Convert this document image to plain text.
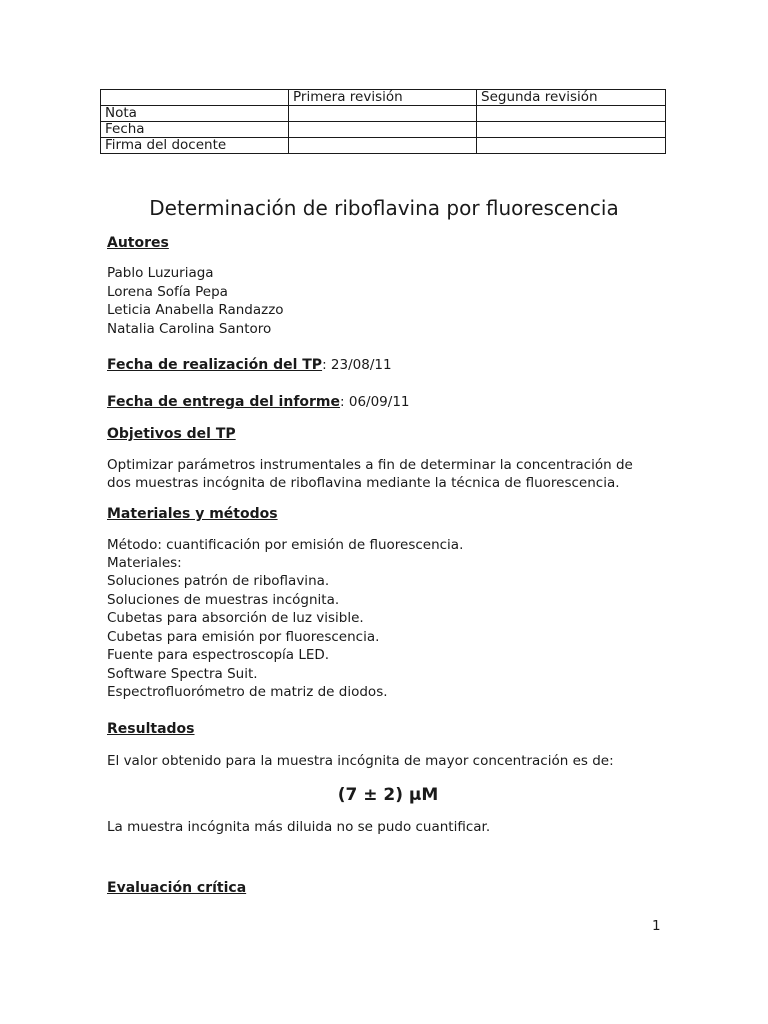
	Primera revisión	Segunda revisión
Nota		
Fecha		
Firma del docente		
Determinación de riboflavina por fluorescencia
Autores
Pablo Luzuriaga
Lorena Sofía Pepa
Leticia Anabella Randazzo
Natalia Carolina Santoro
Fecha de realización del TP: 23/08/11
Fecha de entrega del informe: 06/09/11
Objetivos del TP
Optimizar parámetros instrumentales a fin de determinar la concentración de
dos muestras incógnita de riboflavina mediante la técnica de fluorescencia.
Materiales y métodos
Método: cuantificación por emisión de fluorescencia.
Materiales:
Soluciones patrón de riboflavina.
Soluciones de muestras incógnita.
Cubetas para absorción de luz visible.
Cubetas para emisión por fluorescencia.
Fuente para espectroscopía LED.
Software Spectra Suit.
Espectrofluorómetro de matriz de diodos.
Resultados
El valor obtenido para la muestra incógnita de mayor concentración es de:
(7 ± 2) µM
La muestra incógnita más diluida no se pudo cuantificar.
Evaluación crítica
1
